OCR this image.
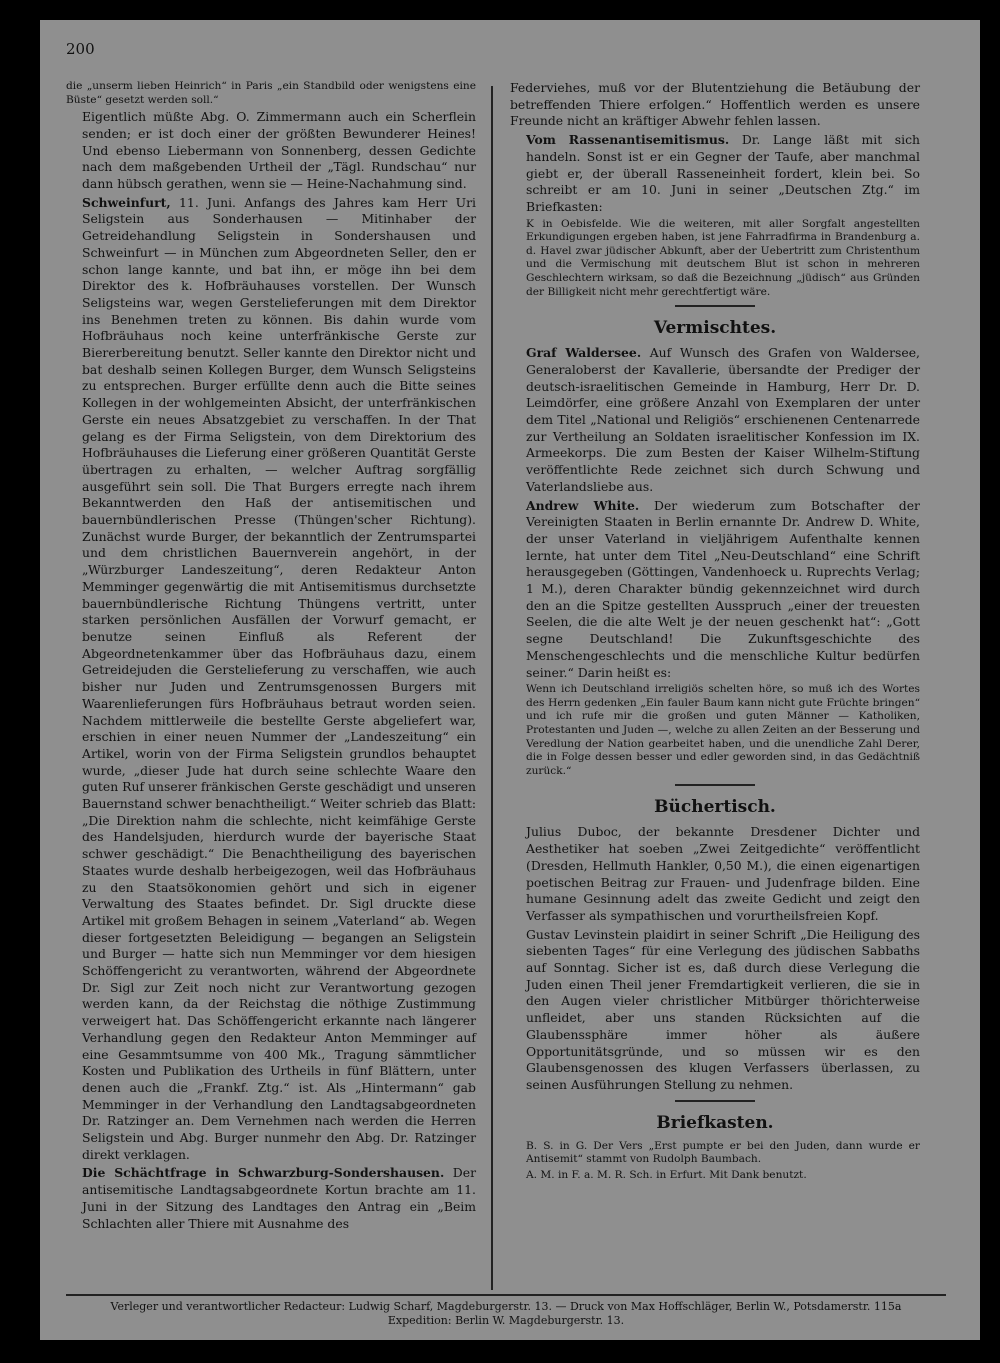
200

die „unserm lieben Heinrich“ in Paris „ein Standbild oder wenigstens eine Büste“ gesetzt werden soll.“

Eigentlich müßte Abg. O. Zimmermann auch ein Scherflein senden; er ist doch einer der größten Bewunderer Heines! Und ebenso Liebermann von Sonnenberg, dessen Gedichte nach dem maßgebenden Urtheil der „Tägl. Rundschau“ nur dann hübsch gerathen, wenn sie — Heine-Nachahmung sind.

Schweinfurt, 11. Juni. Anfangs des Jahres kam Herr Uri Seligstein aus Sonderhausen — Mitinhaber der Getreidehandlung Seligstein in Sondershausen und Schweinfurt — in München zum Abgeordneten Seller, den er schon lange kannte, und bat ihn, er möge ihn bei dem Direktor des k. Hofbräuhauses vorstellen. Der Wunsch Seligsteins war, wegen Gerstelieferungen mit dem Direktor ins Benehmen treten zu können. Bis dahin wurde vom Hofbräuhaus noch keine unterfränkische Gerste zur Biererbereitung benutzt. Seller kannte den Direktor nicht und bat deshalb seinen Kollegen Burger, dem Wunsch Seligsteins zu entsprechen. Burger erfüllte denn auch die Bitte seines Kollegen in der wohlgemeinten Absicht, der unterfränkischen Gerste ein neues Absatzgebiet zu verschaffen. In der That gelang es der Firma Seligstein, von dem Direktorium des Hofbräuhauses die Lieferung einer größeren Quantität Gerste übertragen zu erhalten, — welcher Auftrag sorgfällig ausgeführt sein soll. Die That Burgers erregte nach ihrem Bekanntwerden den Haß der antisemitischen und bauernbündlerischen Presse (Thüngen'scher Richtung). Zunächst wurde Burger, der bekanntlich der Zentrumspartei und dem christlichen Bauernverein angehört, in der „Würzburger Landeszeitung“, deren Redakteur Anton Memminger gegenwärtig die mit Antisemitismus durchsetzte bauernbündlerische Richtung Thüngens vertritt, unter starken persönlichen Ausfällen der Vorwurf gemacht, er benutze seinen Einfluß als Referent der Abgeordnetenkammer über das Hofbräuhaus dazu, einem Getreidejuden die Gerstelieferung zu verschaffen, wie auch bisher nur Juden und Zentrumsgenossen Burgers mit Waarenlieferungen fürs Hofbräuhaus betraut worden seien. Nachdem mittlerweile die bestellte Gerste abgeliefert war, erschien in einer neuen Nummer der „Landeszeitung“ ein Artikel, worin von der Firma Seligstein grundlos behauptet wurde, „dieser Jude hat durch seine schlechte Waare den guten Ruf unserer fränkischen Gerste geschädigt und unseren Bauernstand schwer benachtheiligt.“ Weiter schrieb das Blatt: „Die Direktion nahm die schlechte, nicht keimfähige Gerste des Handelsjuden, hierdurch wurde der bayerische Staat schwer geschädigt.“ Die Benachtheiligung des bayerischen Staates wurde deshalb herbeigezogen, weil das Hofbräuhaus zu den Staatsökonomien gehört und sich in eigener Verwaltung des Staates befindet. Dr. Sigl druckte diese Artikel mit großem Behagen in seinem „Vaterland“ ab. Wegen dieser fortgesetzten Beleidigung — begangen an Seligstein und Burger — hatte sich nun Memminger vor dem hiesigen Schöffengericht zu verantworten, während der Abgeordnete Dr. Sigl zur Zeit noch nicht zur Verantwortung gezogen werden kann, da der Reichstag die nöthige Zustimmung verweigert hat. Das Schöffengericht erkannte nach längerer Verhandlung gegen den Redakteur Anton Memminger auf eine Gesammtsumme von 400 Mk., Tragung sämmtlicher Kosten und Publikation des Urtheils in fünf Blättern, unter denen auch die „Frankf. Ztg.“ ist. Als „Hintermann“ gab Memminger in der Verhandlung den Landtagsabgeordneten Dr. Ratzinger an. Dem Vernehmen nach werden die Herren Seligstein und Abg. Burger nunmehr den Abg. Dr. Ratzinger direkt verklagen.

Die Schächtfrage in Schwarzburg-Sondershausen. Der antisemitische Landtagsabgeordnete Kortun brachte am 11. Juni in der Sitzung des Landtages den Antrag ein „Beim Schlachten aller Thiere mit Ausnahme des

Federviehes, muß vor der Blutentziehung die Betäubung der betreffenden Thiere erfolgen.“ Hoffentlich werden es unsere Freunde nicht an kräftiger Abwehr fehlen lassen.

Vom Rassenantisemitismus. Dr. Lange läßt mit sich handeln. Sonst ist er ein Gegner der Taufe, aber manchmal giebt er, der überall Rasseneinheit fordert, klein bei. So schreibt er am 10. Juni in seiner „Deutschen Ztg.“ im Briefkasten:

K in Oebisfelde. Wie die weiteren, mit aller Sorgfalt angestellten Erkundigungen ergeben haben, ist jene Fahrradfirma in Brandenburg a. d. Havel zwar jüdischer Abkunft, aber der Uebertritt zum Christenthum und die Vermischung mit deutschem Blut ist schon in mehreren Geschlechtern wirksam, so daß die Bezeichnung „jüdisch“ aus Gründen der Billigkeit nicht mehr gerechtfertigt wäre.

Vermischtes.

Graf Waldersee. Auf Wunsch des Grafen von Waldersee, Generaloberst der Kavallerie, übersandte der Prediger der deutsch-israelitischen Gemeinde in Hamburg, Herr Dr. D. Leimdörfer, eine größere Anzahl von Exemplaren der unter dem Titel „National und Religiös“ erschienenen Centenarrede zur Vertheilung an Soldaten israelitischer Konfession im IX. Armeekorps. Die zum Besten der Kaiser Wilhelm-Stiftung veröffentlichte Rede zeichnet sich durch Schwung und Vaterlandsliebe aus.

Andrew White. Der wiederum zum Botschafter der Vereinigten Staaten in Berlin ernannte Dr. Andrew D. White, der unser Vaterland in vieljährigem Aufenthalte kennen lernte, hat unter dem Titel „Neu-Deutschland“ eine Schrift herausgegeben (Göttingen, Vandenhoeck u. Ruprechts Verlag; 1 M.), deren Charakter bündig gekennzeichnet wird durch den an die Spitze gestellten Ausspruch „einer der treuesten Seelen, die die alte Welt je der neuen geschenkt hat“: „Gott segne Deutschland! Die Zukunftsgeschichte des Menschengeschlechts und die menschliche Kultur bedürfen seiner.“ Darin heißt es:

Wenn ich Deutschland irreligiös schelten höre, so muß ich des Wortes des Herrn gedenken „Ein fauler Baum kann nicht gute Früchte bringen“ und ich rufe mir die großen und guten Männer — Katholiken, Protestanten und Juden —, welche zu allen Zeiten an der Besserung und Veredlung der Nation gearbeitet haben, und die unendliche Zahl Derer, die in Folge dessen besser und edler geworden sind, in das Gedächtniß zurück.“

Büchertisch.

Julius Duboc, der bekannte Dresdener Dichter und Aesthetiker hat soeben „Zwei Zeitgedichte“ veröffentlicht (Dresden, Hellmuth Hankler, 0,50 M.), die einen eigenartigen poetischen Beitrag zur Frauen- und Judenfrage bilden. Eine humane Gesinnung adelt das zweite Gedicht und zeigt den Verfasser als sympathischen und vorurtheilsfreien Kopf.

Gustav Levinstein plaidirt in seiner Schrift „Die Heiligung des siebenten Tages“ für eine Verlegung des jüdischen Sabbaths auf Sonntag. Sicher ist es, daß durch diese Verlegung die Juden einen Theil jener Fremdartigkeit verlieren, die sie in den Augen vieler christlicher Mitbürger thörichterweise unfleidet, aber uns standen Rücksichten auf die Glaubenssphäre immer höher als äußere Opportunitätsgründe, und so müssen wir es den Glaubensgenossen des klugen Verfassers überlassen, zu seinen Ausführungen Stellung zu nehmen.

Briefkasten.

B. S. in G. Der Vers „Erst pumpte er bei den Juden, dann wurde er Antisemit“ stammt von Rudolph Baumbach.

A. M. in F. a. M. R. Sch. in Erfurt. Mit Dank benutzt.

Verleger und verantwortlicher Redacteur: Ludwig Scharf, Magdeburgerstr. 13. — Druck von Max Hoffschläger, Berlin W., Potsdamerstr. 115a
Expedition: Berlin W. Magdeburgerstr. 13.
